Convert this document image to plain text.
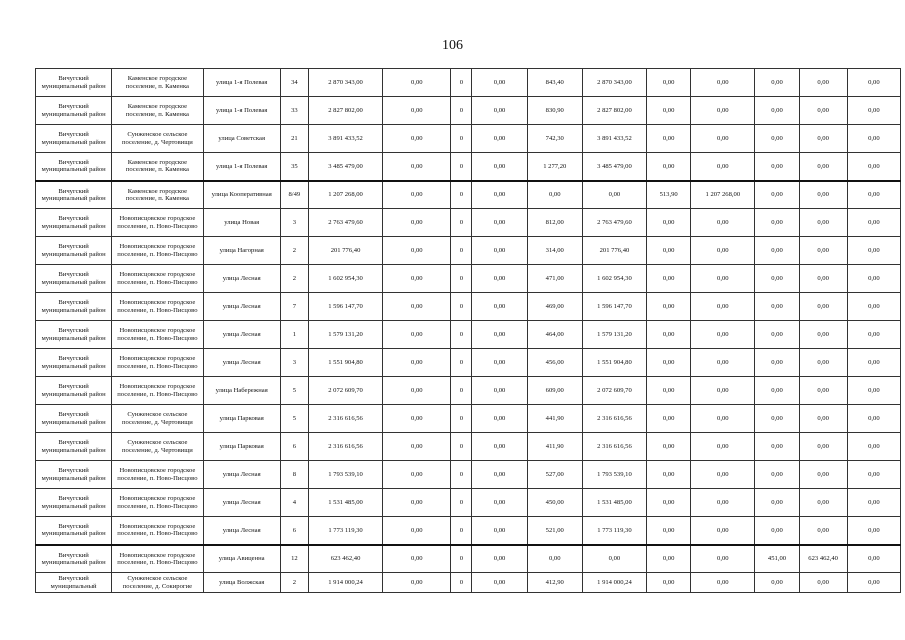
106
Вичугский муниципальный район	Каменское городское поселение, п. Каменка	улица 1-я Полевая	34	2 870 343,00	0,00	0	0,00	843,40	2 870 343,00	0,00	0,00	0,00	0,00	0,00
Вичугский муниципальный район	Каменское городское поселение, п. Каменка	улица 1-я Полевая	33	2 827 802,00	0,00	0	0,00	830,90	2 827 802,00	0,00	0,00	0,00	0,00	0,00
Вичугский муниципальный район	Сунженское сельское поселение, д. Чертовищи	улица Советская	21	3 891 433,52	0,00	0	0,00	742,30	3 891 433,52	0,00	0,00	0,00	0,00	0,00
Вичугский муниципальный район	Каменское городское поселение, п. Каменка	улица 1-я Полевая	35	3 485 479,00	0,00	0	0,00	1 277,20	3 485 479,00	0,00	0,00	0,00	0,00	0,00
Вичугский муниципальный район	Каменское городское поселение, п. Каменка	улица Кооперативная	8/49	1 207 268,00	0,00	0	0,00	0,00	0,00	513,90	1 207 268,00	0,00	0,00	0,00
Вичугский муниципальный район	Новописцовское городское поселение, п. Ново-Писцово	улица Новая	3	2 763 479,60	0,00	0	0,00	812,00	2 763 479,60	0,00	0,00	0,00	0,00	0,00
Вичугский муниципальный район	Новописцовское городское поселение, п. Ново-Писцово	улица Нагорная	2	201 776,40	0,00	0	0,00	314,00	201 776,40	0,00	0,00	0,00	0,00	0,00
Вичугский муниципальный район	Новописцовское городское поселение, п. Ново-Писцово	улица Лесная	2	1 602 954,30	0,00	0	0,00	471,00	1 602 954,30	0,00	0,00	0,00	0,00	0,00
Вичугский муниципальный район	Новописцовское городское поселение, п. Ново-Писцово	улица Лесная	7	1 596 147,70	0,00	0	0,00	469,00	1 596 147,70	0,00	0,00	0,00	0,00	0,00
Вичугский муниципальный район	Новописцовское городское поселение, п. Ново-Писцово	улица Лесная	1	1 579 131,20	0,00	0	0,00	464,00	1 579 131,20	0,00	0,00	0,00	0,00	0,00
Вичугский муниципальный район	Новописцовское городское поселение, п. Ново-Писцово	улица Лесная	3	1 551 904,80	0,00	0	0,00	456,00	1 551 904,80	0,00	0,00	0,00	0,00	0,00
Вичугский муниципальный район	Новописцовское городское поселение, п. Ново-Писцово	улица Набережная	5	2 072 609,70	0,00	0	0,00	609,00	2 072 609,70	0,00	0,00	0,00	0,00	0,00
Вичугский муниципальный район	Сунженское сельское поселение, д. Чертовищи	улица Парковая	5	2 316 616,56	0,00	0	0,00	441,90	2 316 616,56	0,00	0,00	0,00	0,00	0,00
Вичугский муниципальный район	Сунженское сельское поселение, д. Чертовищи	улица Парковая	6	2 316 616,56	0,00	0	0,00	411,90	2 316 616,56	0,00	0,00	0,00	0,00	0,00
Вичугский муниципальный район	Новописцовское городское поселение, п. Ново-Писцово	улица Лесная	8	1 793 539,10	0,00	0	0,00	527,00	1 793 539,10	0,00	0,00	0,00	0,00	0,00
Вичугский муниципальный район	Новописцовское городское поселение, п. Ново-Писцово	улица Лесная	4	1 531 485,00	0,00	0	0,00	450,00	1 531 485,00	0,00	0,00	0,00	0,00	0,00
Вичугский муниципальный район	Новописцовское городское поселение, п. Ново-Писцово	улица Лесная	6	1 773 119,30	0,00	0	0,00	521,00	1 773 119,30	0,00	0,00	0,00	0,00	0,00
Вичугский муниципальный район	Новописцовское городское поселение, п. Ново-Писцово	улица Авиценна	12	623 462,40	0,00	0	0,00	0,00	0,00	0,00	0,00	451,00	623 462,40	0,00
Вичугский муниципальный	Сунженское сельское поселение, д. Сокирогие	улица Волжская	2	1 914 000,24	0,00	0	0,00	412,90	1 914 000,24	0,00	0,00	0,00	0,00	0,00
